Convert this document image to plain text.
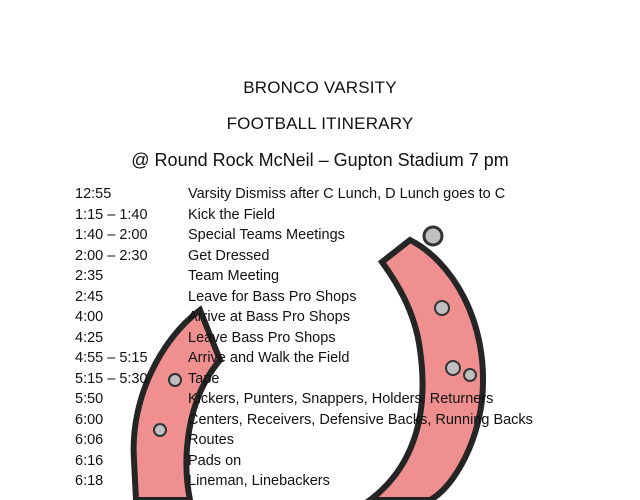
BRONCO VARSITY
FOOTBALL ITINERARY
@ Round Rock McNeil – Gupton Stadium 7 pm
12:55	Varsity Dismiss after C Lunch, D Lunch goes to C
1:15 – 1:40	Kick the Field
1:40 – 2:00	Special Teams Meetings
2:00 – 2:30	Get Dressed
2:35	Team Meeting
2:45	Leave for Bass Pro Shops
4:00	Arrive at Bass Pro Shops
4:25	Leave Bass Pro Shops
4:55 – 5:15	Arrive and Walk the Field
5:15 – 5:30	Tape
5:50	Kickers, Punters, Snappers, Holders, Returners
6:00	Centers, Receivers, Defensive Backs, Running Backs
6:06	Routes
6:16	Pads on
6:18	Lineman, Linebackers
